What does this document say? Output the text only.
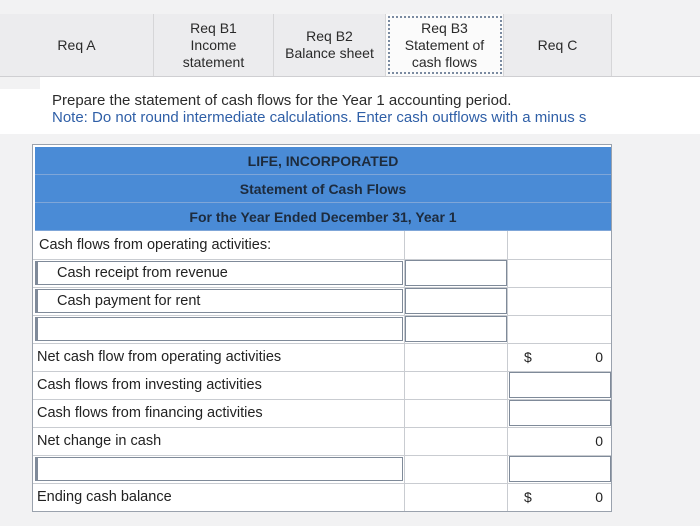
Req A
Req B1
Income
statement
Req B2
Balance sheet
Req B3
Statement of
cash flows
Req C
Prepare the statement of cash flows for the Year 1 accounting period.
Note: Do not round intermediate calculations. Enter cash outflows with a minus s
LIFE, INCORPORATED
Statement of Cash Flows
For the Year Ended December 31, Year 1
Cash flows from operating activities:
Cash receipt from revenue
Cash payment for rent
Net cash flow from operating activities	$	0
Cash flows from investing activities
Cash flows from financing activities
Net change in cash	0
Ending cash balance	$	0
